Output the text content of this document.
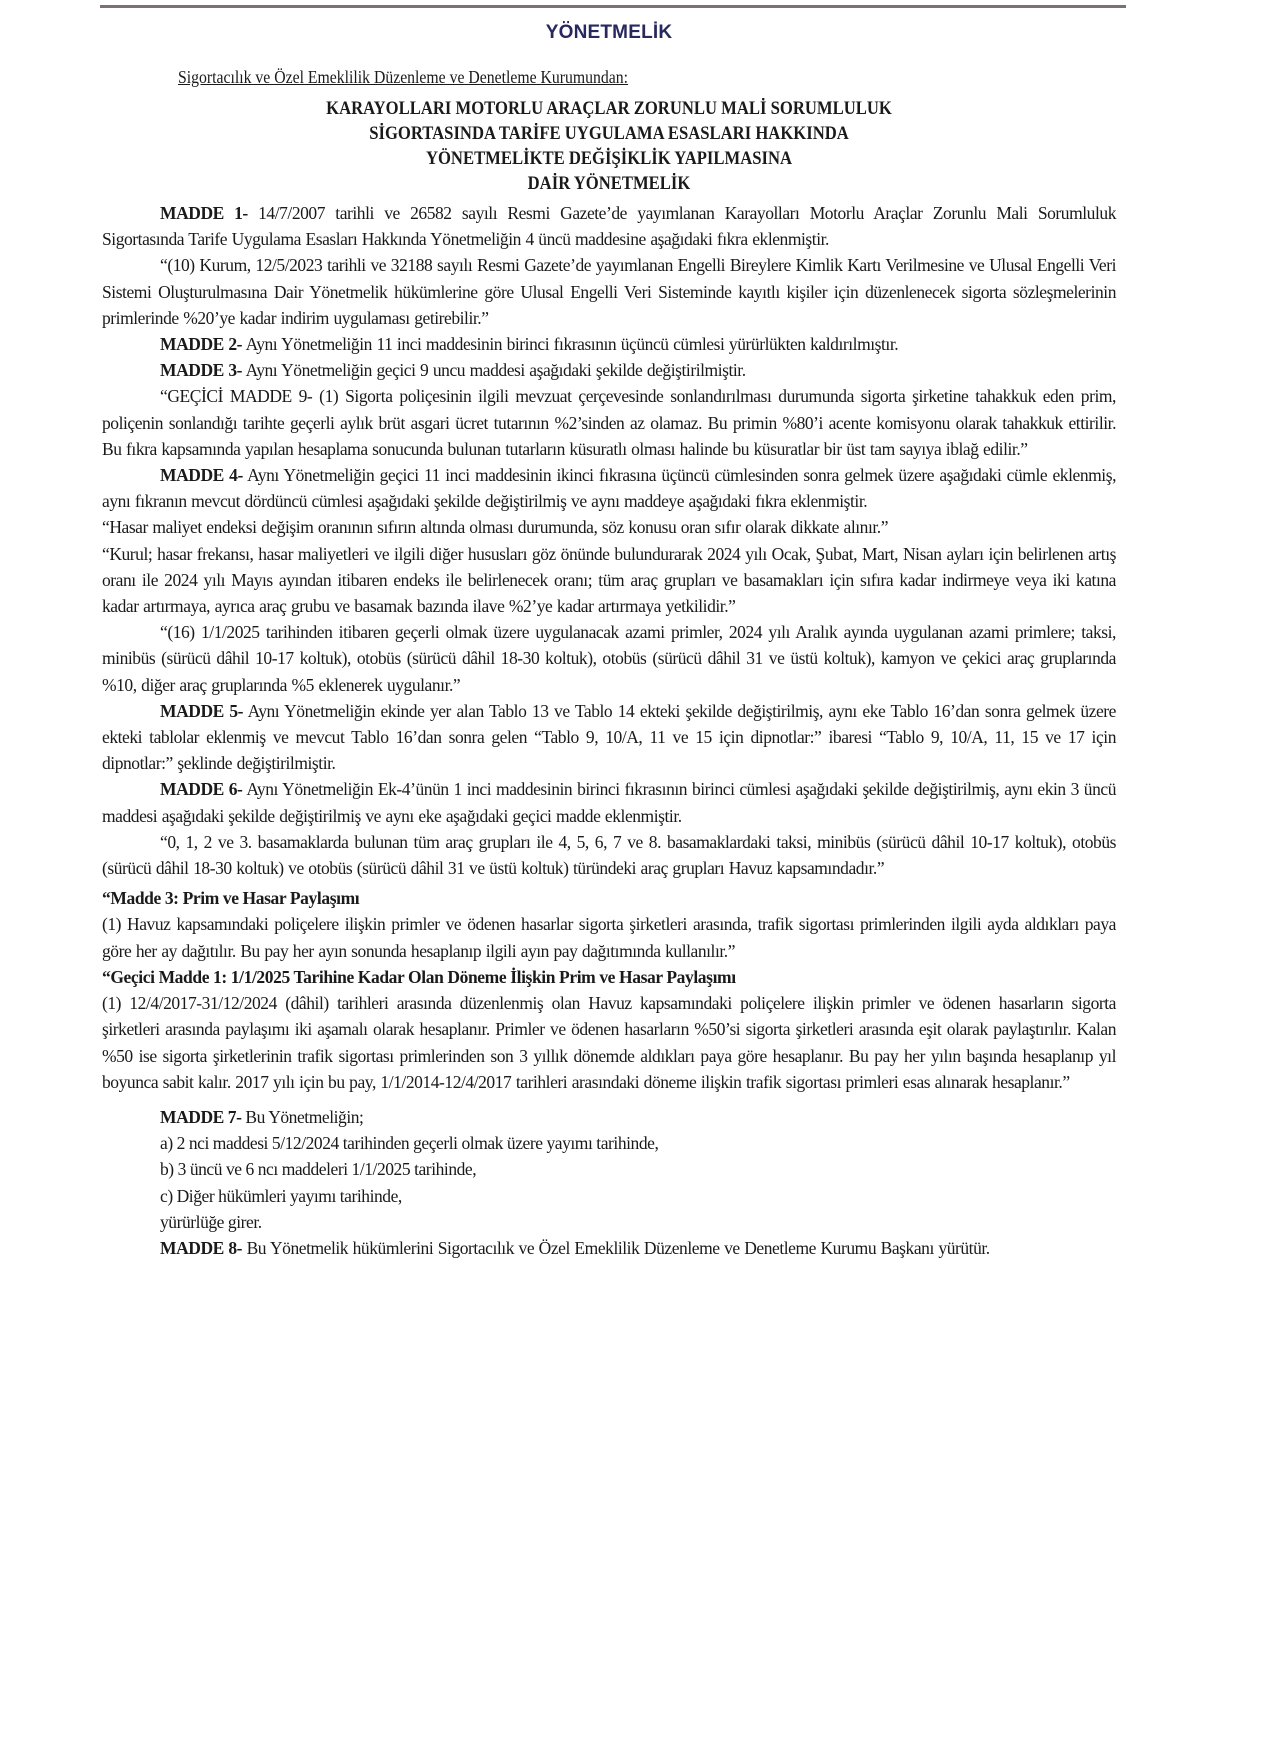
YÖNETMELİK
Sigortacılık ve Özel Emeklilik Düzenleme ve Denetleme Kurumundan:
KARAYOLLARI MOTORLU ARAÇLAR ZORUNLU MALİ SORUMLULUK
SİGORTASINDA TARİFE UYGULAMA ESASLARI HAKKINDA
YÖNETMELİKTE DEĞİŞİKLİK YAPILMASINA
DAİR YÖNETMELİK

MADDE 1- 14/7/2007 tarihli ve 26582 sayılı Resmi Gazete’de yayımlanan Karayolları Motorlu Araçlar Zorunlu Mali Sorumluluk Sigortasında Tarife Uygulama Esasları Hakkında Yönetmeliğin 4 üncü maddesine aşağıdaki fıkra eklenmiştir.

“(10) Kurum, 12/5/2023 tarihli ve 32188 sayılı Resmi Gazete’de yayımlanan Engelli Bireylere Kimlik Kartı Verilmesine ve Ulusal Engelli Veri Sistemi Oluşturulmasına Dair Yönetmelik hükümlerine göre Ulusal Engelli Veri Sisteminde kayıtlı kişiler için düzenlenecek sigorta sözleşmelerinin primlerinde %20’ye kadar indirim uygulaması getirebilir.”

MADDE 2- Aynı Yönetmeliğin 11 inci maddesinin birinci fıkrasının üçüncü cümlesi yürürlükten kaldırılmıştır.

MADDE 3- Aynı Yönetmeliğin geçici 9 uncu maddesi aşağıdaki şekilde değiştirilmiştir.

“GEÇİCİ MADDE 9- (1) Sigorta poliçesinin ilgili mevzuat çerçevesinde sonlandırılması durumunda sigorta şirketine tahakkuk eden prim, poliçenin sonlandığı tarihte geçerli aylık brüt asgari ücret tutarının %2’sinden az olamaz. Bu primin %80’i acente komisyonu olarak tahakkuk ettirilir. Bu fıkra kapsamında yapılan hesaplama sonucunda bulunan tutarların küsuratlı olması halinde bu küsuratlar bir üst tam sayıya iblağ edilir.”

MADDE 4- Aynı Yönetmeliğin geçici 11 inci maddesinin ikinci fıkrasına üçüncü cümlesinden sonra gelmek üzere aşağıdaki cümle eklenmiş, aynı fıkranın mevcut dördüncü cümlesi aşağıdaki şekilde değiştirilmiş ve aynı maddeye aşağıdaki fıkra eklenmiştir.

“Hasar maliyet endeksi değişim oranının sıfırın altında olması durumunda, söz konusu oran sıfır olarak dikkate alınır.”

“Kurul; hasar frekansı, hasar maliyetleri ve ilgili diğer hususları göz önünde bulundurarak 2024 yılı Ocak, Şubat, Mart, Nisan ayları için belirlenen artış oranı ile 2024 yılı Mayıs ayından itibaren endeks ile belirlenecek oranı; tüm araç grupları ve basamakları için sıfıra kadar indirmeye veya iki katına kadar artırmaya, ayrıca araç grubu ve basamak bazında ilave %2’ye kadar artırmaya yetkilidir.”

“(16) 1/1/2025 tarihinden itibaren geçerli olmak üzere uygulanacak azami primler, 2024 yılı Aralık ayında uygulanan azami primlere; taksi, minibüs (sürücü dâhil 10-17 koltuk), otobüs (sürücü dâhil 18-30 koltuk), otobüs (sürücü dâhil 31 ve üstü koltuk), kamyon ve çekici araç gruplarında %10, diğer araç gruplarında %5 eklenerek uygulanır.”

MADDE 5- Aynı Yönetmeliğin ekinde yer alan Tablo 13 ve Tablo 14 ekteki şekilde değiştirilmiş, aynı eke Tablo 16’dan sonra gelmek üzere ekteki tablolar eklenmiş ve mevcut Tablo 16’dan sonra gelen “Tablo 9, 10/A, 11 ve 15 için dipnotlar:” ibaresi “Tablo 9, 10/A, 11, 15 ve 17 için dipnotlar:” şeklinde değiştirilmiştir.

MADDE 6- Aynı Yönetmeliğin Ek-4’ünün 1 inci maddesinin birinci fıkrasının birinci cümlesi aşağıdaki şekilde değiştirilmiş, aynı ekin 3 üncü maddesi aşağıdaki şekilde değiştirilmiş ve aynı eke aşağıdaki geçici madde eklenmiştir.

“0, 1, 2 ve 3. basamaklarda bulunan tüm araç grupları ile 4, 5, 6, 7 ve 8. basamaklardaki taksi, minibüs (sürücü dâhil 10-17 koltuk), otobüs (sürücü dâhil 18-30 koltuk) ve otobüs (sürücü dâhil 31 ve üstü koltuk) türündeki araç grupları Havuz kapsamındadır.”

“Madde 3: Prim ve Hasar Paylaşımı

(1) Havuz kapsamındaki poliçelere ilişkin primler ve ödenen hasarlar sigorta şirketleri arasında, trafik sigortası primlerinden ilgili ayda aldıkları paya göre her ay dağıtılır. Bu pay her ayın sonunda hesaplanıp ilgili ayın pay dağıtımında kullanılır.”

“Geçici Madde 1: 1/1/2025 Tarihine Kadar Olan Döneme İlişkin Prim ve Hasar Paylaşımı

(1) 12/4/2017-31/12/2024 (dâhil) tarihleri arasında düzenlenmiş olan Havuz kapsamındaki poliçelere ilişkin primler ve ödenen hasarların sigorta şirketleri arasında paylaşımı iki aşamalı olarak hesaplanır. Primler ve ödenen hasarların %50’si sigorta şirketleri arasında eşit olarak paylaştırılır. Kalan %50 ise sigorta şirketlerinin trafik sigortası primlerinden son 3 yıllık dönemde aldıkları paya göre hesaplanır. Bu pay her yılın başında hesaplanıp yıl boyunca sabit kalır. 2017 yılı için bu pay, 1/1/2014-12/4/2017 tarihleri arasındaki döneme ilişkin trafik sigortası primleri esas alınarak hesaplanır.”

MADDE 7- Bu Yönetmeliğin;

a) 2 nci maddesi 5/12/2024 tarihinden geçerli olmak üzere yayımı tarihinde,

b) 3 üncü ve 6 ncı maddeleri 1/1/2025 tarihinde,

c) Diğer hükümleri yayımı tarihinde,

yürürlüğe girer.

MADDE 8- Bu Yönetmelik hükümlerini Sigortacılık ve Özel Emeklilik Düzenleme ve Denetleme Kurumu Başkanı yürütür.
